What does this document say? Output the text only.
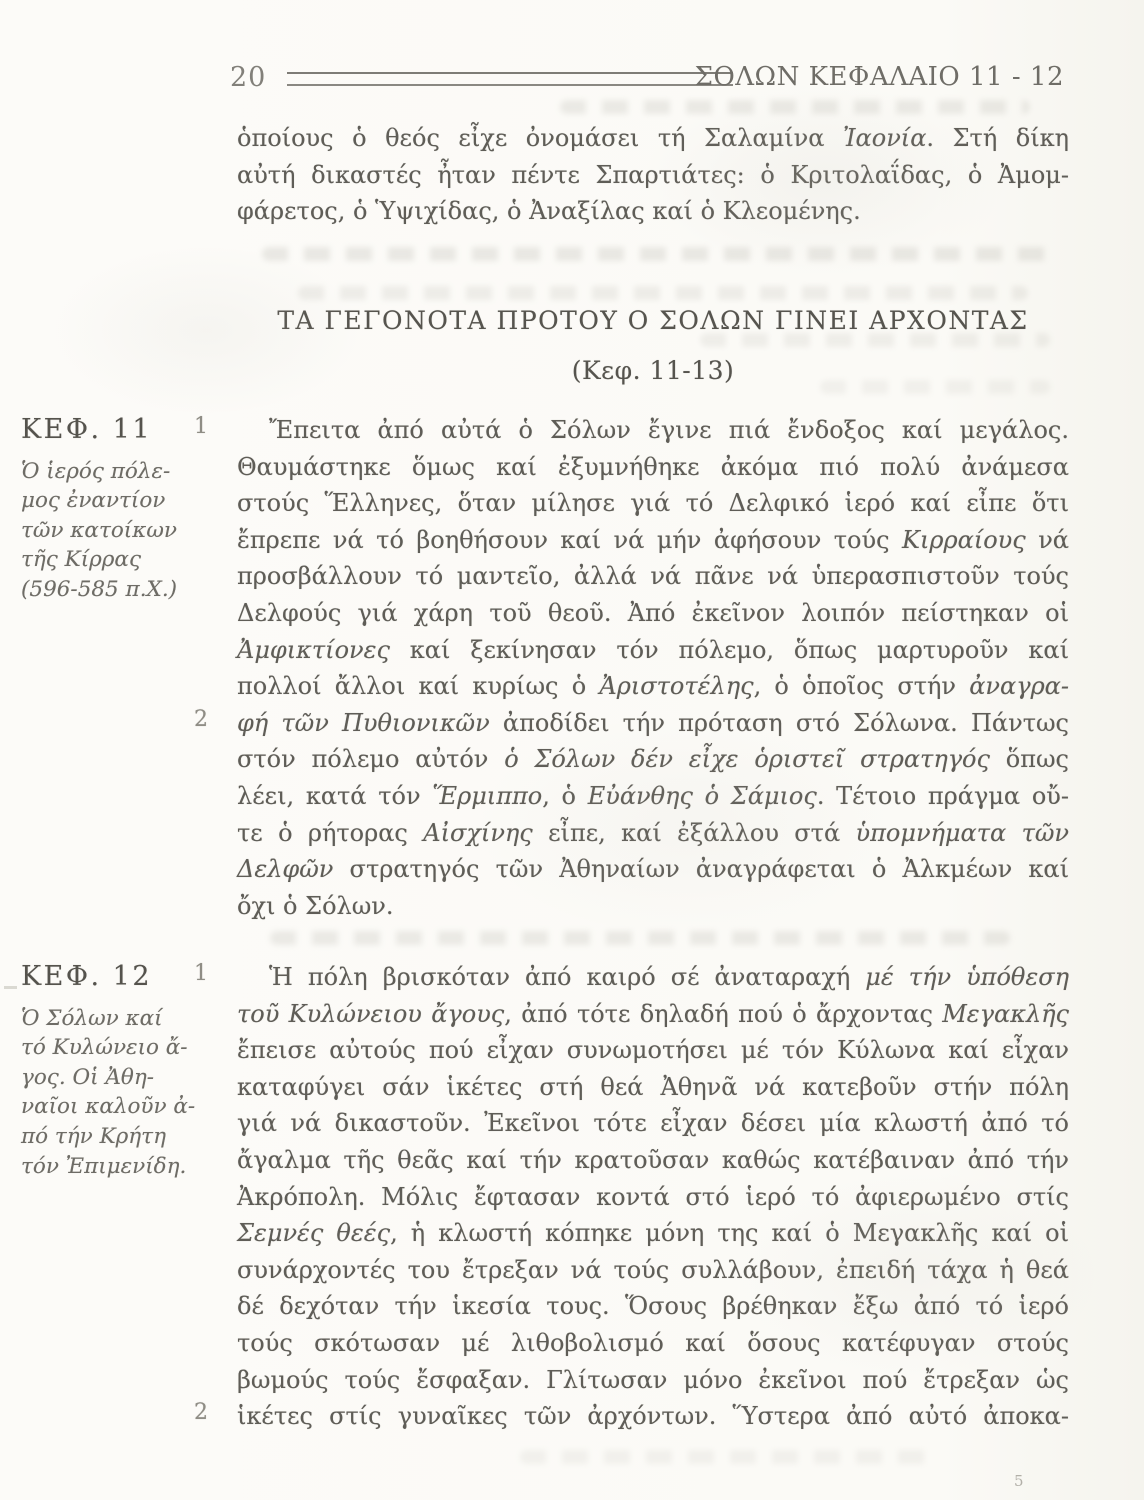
20	ΣΟΛΩΝ ΚΕΦΑΛΑΙΟ 11 - 12
ὁποίους ὁ θεός εἶχε ὀνομάσει τή Σαλαμίνα Ἰαονία. Στή δίκη
αὐτή δικαστές ἦταν πέντε Σπαρτιάτες: ὁ Κριτολαΐδας, ὁ Ἀμομ-
φάρετος, ὁ Ὑψιχίδας, ὁ Ἀναξίλας καί ὁ Κλεομένης.
ΤΑ ΓΕΓΟΝΟΤΑ ΠΡΟΤΟΥ Ο ΣΟΛΩΝ ΓΙΝΕΙ ΑΡΧΟΝΤΑΣ
(Κεφ. 11-13)
ΚΕΦ. 11
Ὁ ἱερός πόλε-
μος ἐναντίον
τῶν κατοίκων
τῆς Κίρρας
(596-585 π.Χ.)
1
2
Ἔπειτα ἀπό αὐτά ὁ Σόλων ἔγινε πιά ἔνδοξος καί μεγάλος.
Θαυμάστηκε ὅμως καί ἐξυμνήθηκε ἀκόμα πιό πολύ ἀνάμεσα
στούς Ἕλληνες, ὅταν μίλησε γιά τό Δελφικό ἱερό καί εἶπε ὅτι
ἔπρεπε νά τό βοηθήσουν καί νά μήν ἀφήσουν τούς Κιρραίους νά
προσβάλλουν τό μαντεῖο, ἀλλά νά πᾶνε νά ὑπερασπιστοῦν τούς
Δελφούς γιά χάρη τοῦ θεοῦ. Ἀπό ἐκεῖνον λοιπόν πείστηκαν οἱ
Ἀμφικτίονες καί ξεκίνησαν τόν πόλεμο, ὅπως μαρτυροῦν καί
πολλοί ἄλλοι καί κυρίως ὁ Ἀριστοτέλης, ὁ ὁποῖος στήν ἀναγρα-
φή τῶν Πυθιονικῶν ἀποδίδει τήν πρόταση στό Σόλωνα. Πάντως
στόν πόλεμο αὐτόν ὁ Σόλων δέν εἶχε ὁριστεῖ στρατηγός ὅπως
λέει, κατά τόν Ἕρμιππο, ὁ Εὐάνθης ὁ Σάμιος. Τέτοιο πράγμα οὔ-
τε ὁ ρήτορας Αἰσχίνης εἶπε, καί ἐξάλλου στά ὑπομνήματα τῶν
Δελφῶν στρατηγός τῶν Ἀθηναίων ἀναγράφεται ὁ Ἀλκμέων καί
ὄχι ὁ Σόλων.
ΚΕΦ. 12
Ὁ Σόλων καί
τό Κυλώνειο ἄ-
γος. Οἱ Ἀθη-
ναῖοι καλοῦν ἀ-
πό τήν Κρήτη
τόν Ἐπιμενίδη.
1
2
Ἡ πόλη βρισκόταν ἀπό καιρό σέ ἀναταραχή μέ τήν ὑπόθεση
τοῦ Κυλώνειου ἄγους, ἀπό τότε δηλαδή πού ὁ ἄρχοντας Μεγακλῆς
ἔπεισε αὐτούς πού εἶχαν συνωμοτήσει μέ τόν Κύλωνα καί εἶχαν
καταφύγει σάν ἱκέτες στή θεά Ἀθηνᾶ νά κατεβοῦν στήν πόλη
γιά νά δικαστοῦν. Ἐκεῖνοι τότε εἶχαν δέσει μία κλωστή ἀπό τό
ἄγαλμα τῆς θεᾶς καί τήν κρατοῦσαν καθώς κατέβαιναν ἀπό τήν
Ἀκρόπολη. Μόλις ἔφτασαν κοντά στό ἱερό τό ἀφιερωμένο στίς
Σεμνές θεές, ἡ κλωστή κόπηκε μόνη της καί ὁ Μεγακλῆς καί οἱ
συνάρχοντές του ἔτρεξαν νά τούς συλλάβουν, ἐπειδή τάχα ἡ θεά
δέ δεχόταν τήν ἱκεσία τους. Ὅσους βρέθηκαν ἔξω ἀπό τό ἱερό
τούς σκότωσαν μέ λιθοβολισμό καί ὅσους κατέφυγαν στούς
βωμούς τούς ἔσφαξαν. Γλίτωσαν μόνο ἐκεῖνοι πού ἔτρεξαν ὡς
ἱκέτες στίς γυναῖκες τῶν ἀρχόντων. Ὕστερα ἀπό αὐτό ἀποκα-
5
